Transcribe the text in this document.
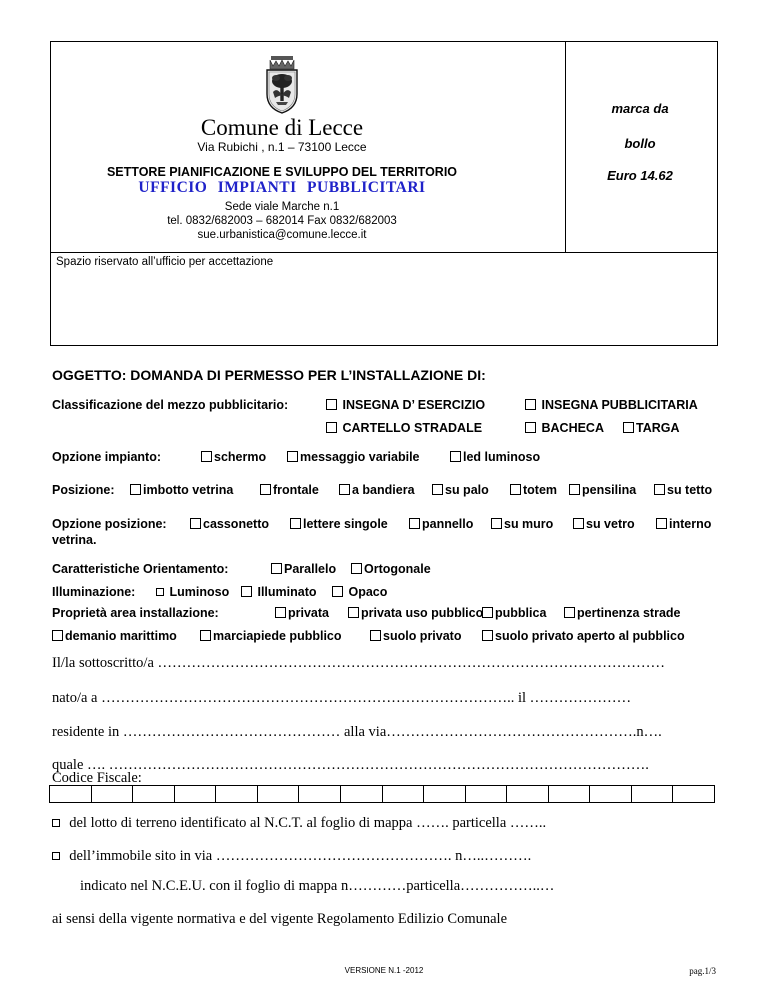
Comune di Lecce
Via Rubichi , n.1 – 73100 Lecce
SETTORE PIANIFICAZIONE E SVILUPPO DEL TERRITORIO
UFFICIO IMPIANTI PUBBLICITARI
Sede viale Marche n.1
tel. 0832/682003 – 682014 Fax 0832/682003
sue.urbanistica@comune.lecce.it
marca da
bollo
Euro 14.62
Spazio riservato all’ufficio per accettazione
OGGETTO: DOMANDA DI PERMESSO PER L’INSTALLAZIONE DI:
Classificazione del mezzo pubblicitario:	INSEGNA D’ ESERCIZIO	INSEGNA PUBBLICITARIA
CARTELLO STRADALE	BACHECA	TARGA
Opzione impianto:	schermo	messaggio variabile	led luminoso
Posizione:	imbotto vetrina	frontale	a bandiera	su palo	totem	pensilina	su tetto
Opzione posizione:	cassonetto	lettere singole	pannello	su muro	su vetro	interno
vetrina.
Caratteristiche Orientamento:	Parallelo	Ortogonale
Illuminazione:	Luminoso	Illuminato	Opaco
Proprietà area installazione:	privata	privata uso pubblico pubblica	pertinenza strade
demanio marittimo	marciapiede pubblico	suolo privato	suolo privato aperto al pubblico
Il/la sottoscritto/a ……………………………………………………………………………………………
nato/a a ………………………………………………………………………….. il …………………
residente in ……………………………………… alla via…………………………………………….n….
quale …. ………………………………………………………………………………………………….
Codice Fiscale:
del lotto di terreno identificato al N.C.T. al foglio di mappa ……. particella ……..
dell’immobile sito in via …………………………………………. n…..……….
indicato nel N.C.E.U. con il foglio di mappa n…………particella……………..…
ai sensi della vigente normativa e del vigente Regolamento Edilizio Comunale
VERSIONE N.1 -2012	pag.1/3
